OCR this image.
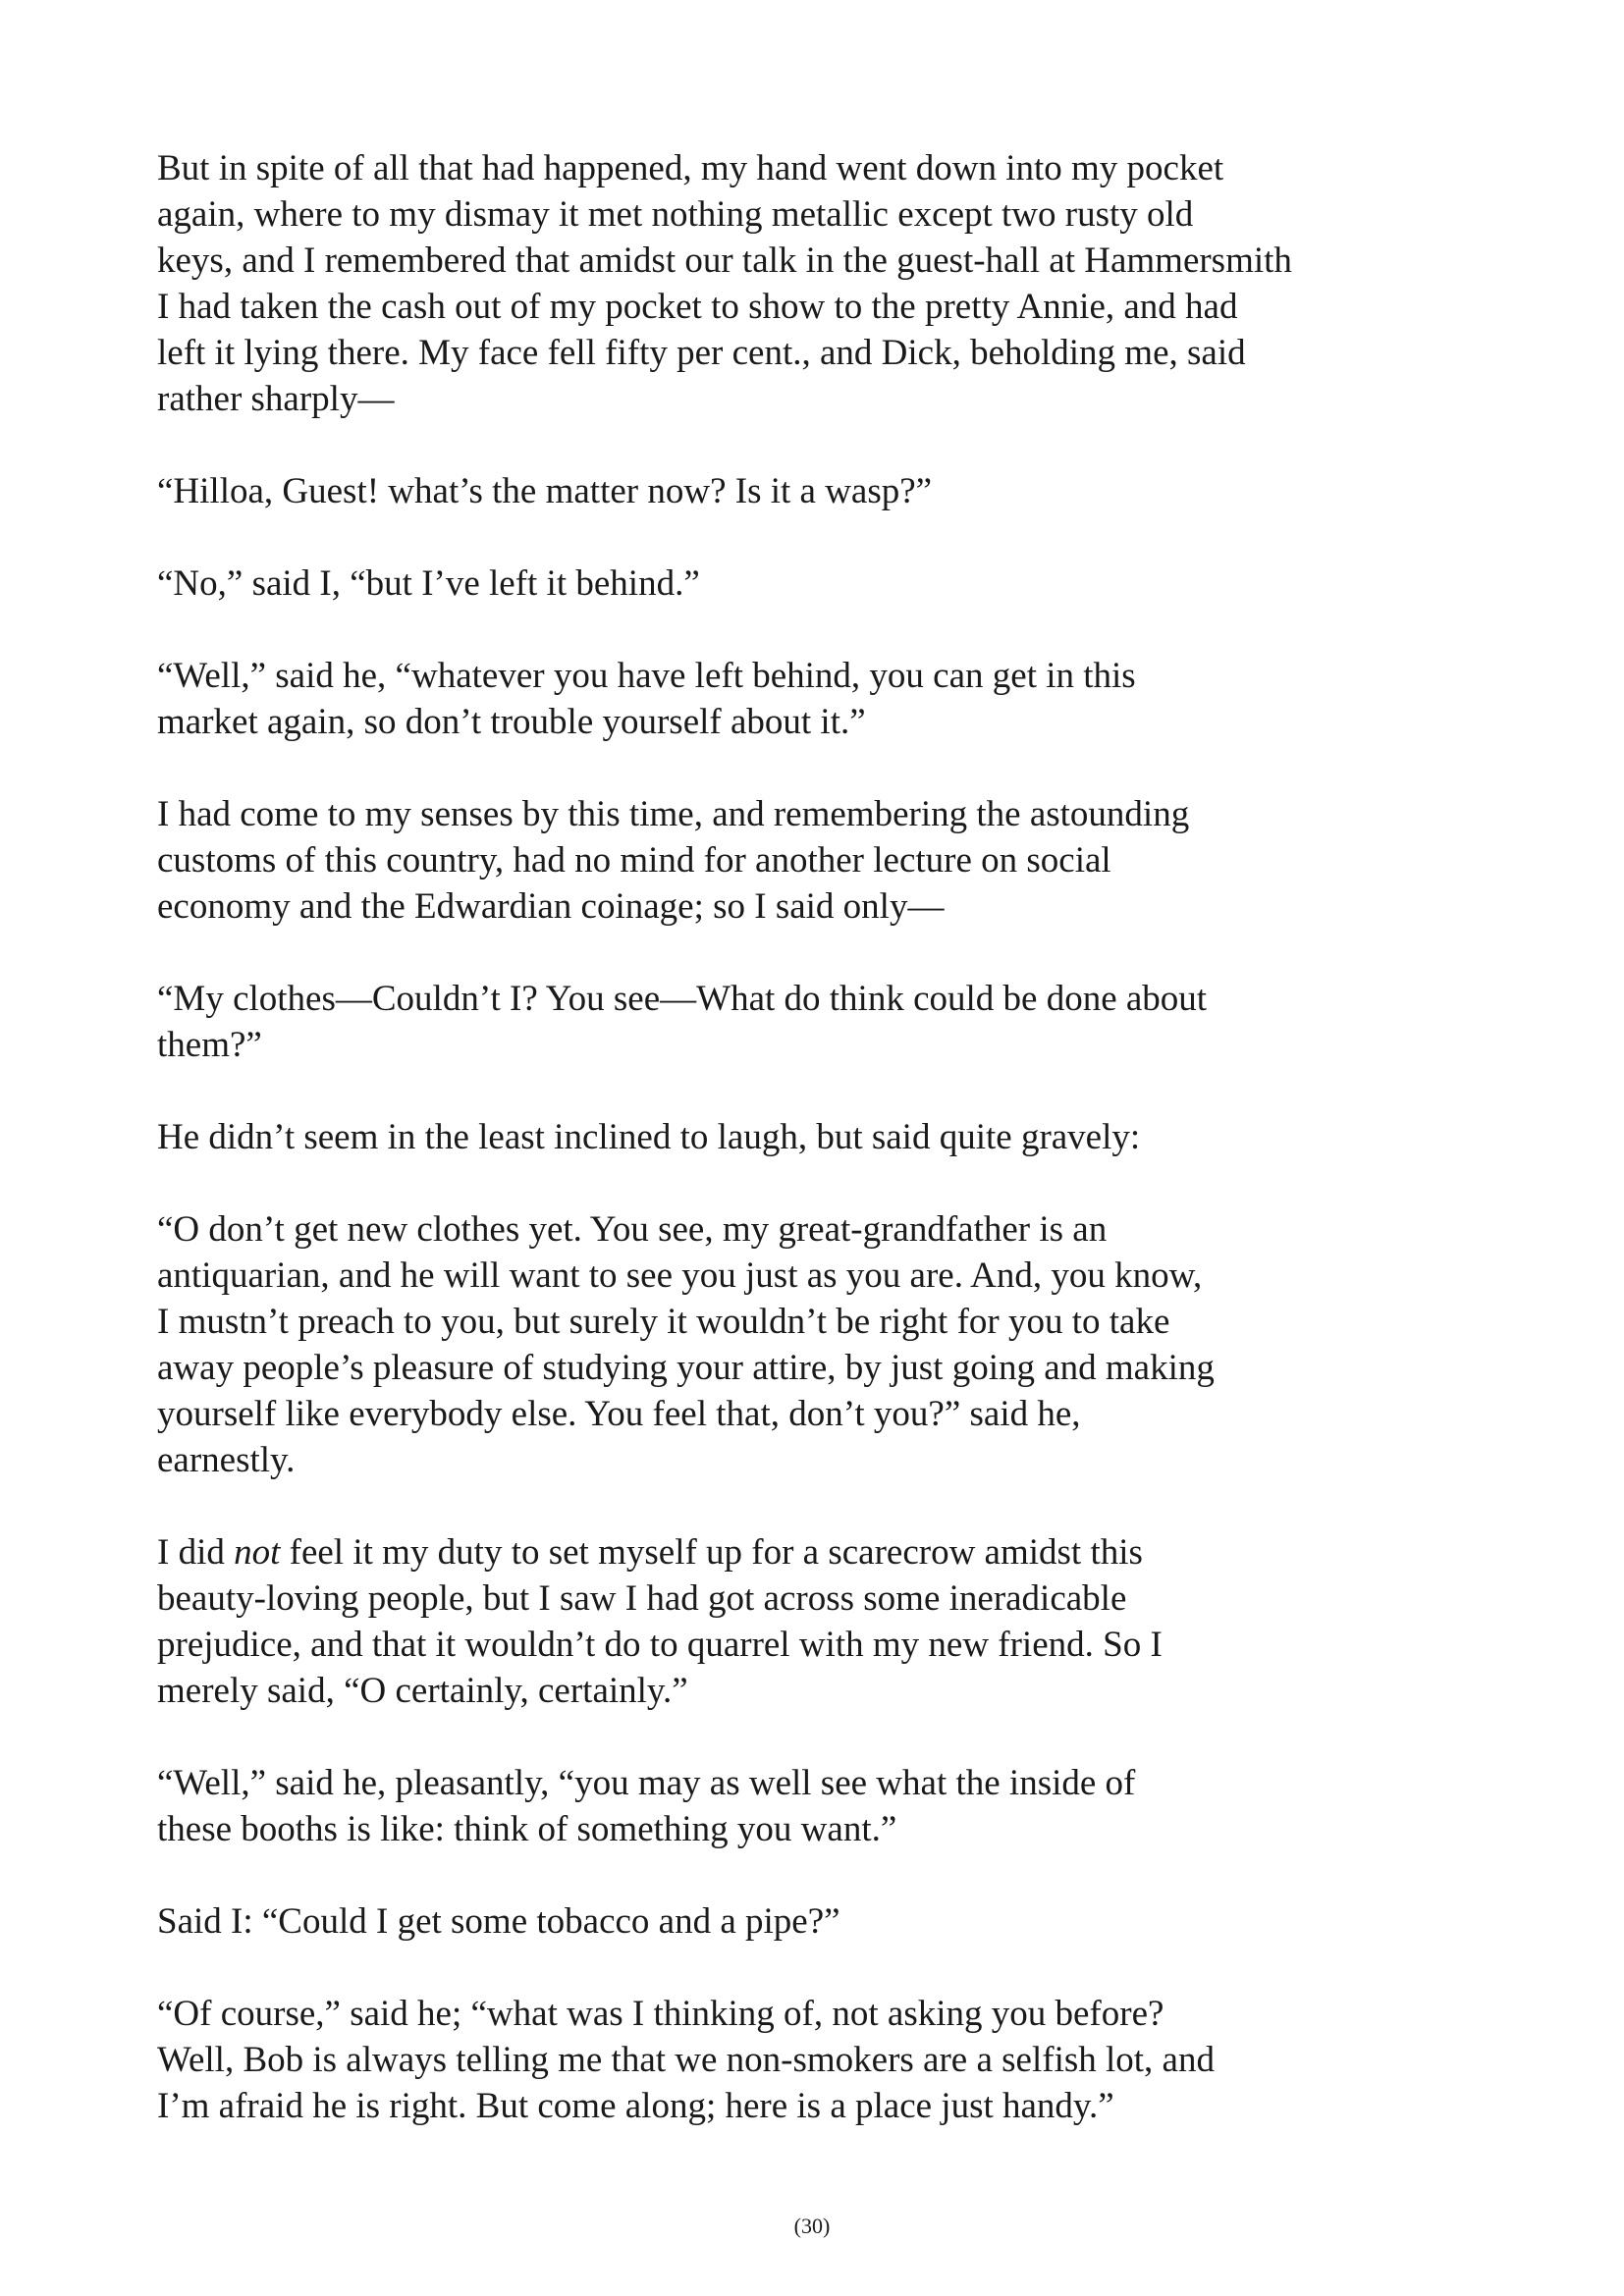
But in spite of all that had happened, my hand went down into my pocket
again, where to my dismay it met nothing metallic except two rusty old
keys, and I remembered that amidst our talk in the guest-hall at Hammersmith
I had taken the cash out of my pocket to show to the pretty Annie, and had
left it lying there. My face fell fifty per cent., and Dick, beholding me, said
rather sharply—

“Hilloa, Guest! what’s the matter now? Is it a wasp?”

“No,” said I, “but I’ve left it behind.”

“Well,” said he, “whatever you have left behind, you can get in this
market again, so don’t trouble yourself about it.”

I had come to my senses by this time, and remembering the astounding
customs of this country, had no mind for another lecture on social
economy and the Edwardian coinage; so I said only—

“My clothes—Couldn’t I? You see—What do think could be done about
them?”

He didn’t seem in the least inclined to laugh, but said quite gravely:

“O don’t get new clothes yet. You see, my great-grandfather is an
antiquarian, and he will want to see you just as you are. And, you know,
I mustn’t preach to you, but surely it wouldn’t be right for you to take
away people’s pleasure of studying your attire, by just going and making
yourself like everybody else. You feel that, don’t you?” said he,
earnestly.

I did not feel it my duty to set myself up for a scarecrow amidst this
beauty-loving people, but I saw I had got across some ineradicable
prejudice, and that it wouldn’t do to quarrel with my new friend. So I
merely said, “O certainly, certainly.”

“Well,” said he, pleasantly, “you may as well see what the inside of
these booths is like: think of something you want.”

Said I: “Could I get some tobacco and a pipe?”

“Of course,” said he; “what was I thinking of, not asking you before?
Well, Bob is always telling me that we non-smokers are a selfish lot, and
I’m afraid he is right. But come along; here is a place just handy.”

(30)
